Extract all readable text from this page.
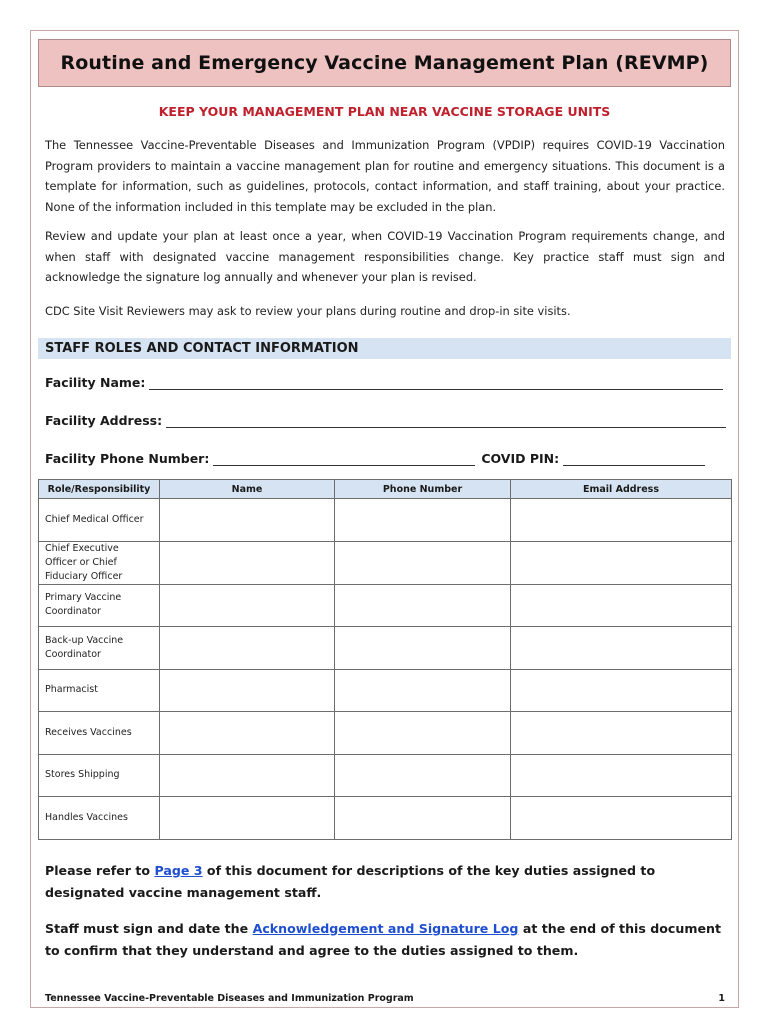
Routine and Emergency Vaccine Management Plan (REVMP)
KEEP YOUR MANAGEMENT PLAN NEAR VACCINE STORAGE UNITS
The Tennessee Vaccine-Preventable Diseases and Immunization Program (VPDIP) requires COVID-19 Vaccination Program providers to maintain a vaccine management plan for routine and emergency situations. This document is a template for information, such as guidelines, protocols, contact information, and staff training, about your practice. None of the information included in this template may be excluded in the plan.
Review and update your plan at least once a year, when COVID-19 Vaccination Program requirements change, and when staff with designated vaccine management responsibilities change. Key practice staff must sign and acknowledge the signature log annually and whenever your plan is revised.
CDC Site Visit Reviewers may ask to review your plans during routine and drop-in site visits.
STAFF ROLES AND CONTACT INFORMATION
Facility Name:
Facility Address:
Facility Phone Number:	COVID PIN:
Role/Responsibility	Name	Phone Number	Email Address
Chief Medical Officer			
Chief Executive Officer or Chief Fiduciary Officer			
Primary Vaccine Coordinator			
Back-up Vaccine Coordinator			
Pharmacist			
Receives Vaccines			
Stores Shipping			
Handles Vaccines			
Please refer to Page 3 of this document for descriptions of the key duties assigned to designated vaccine management staff.
Staff must sign and date the Acknowledgement and Signature Log at the end of this document to confirm that they understand and agree to the duties assigned to them.
Tennessee Vaccine-Preventable Diseases and Immunization Program	1
